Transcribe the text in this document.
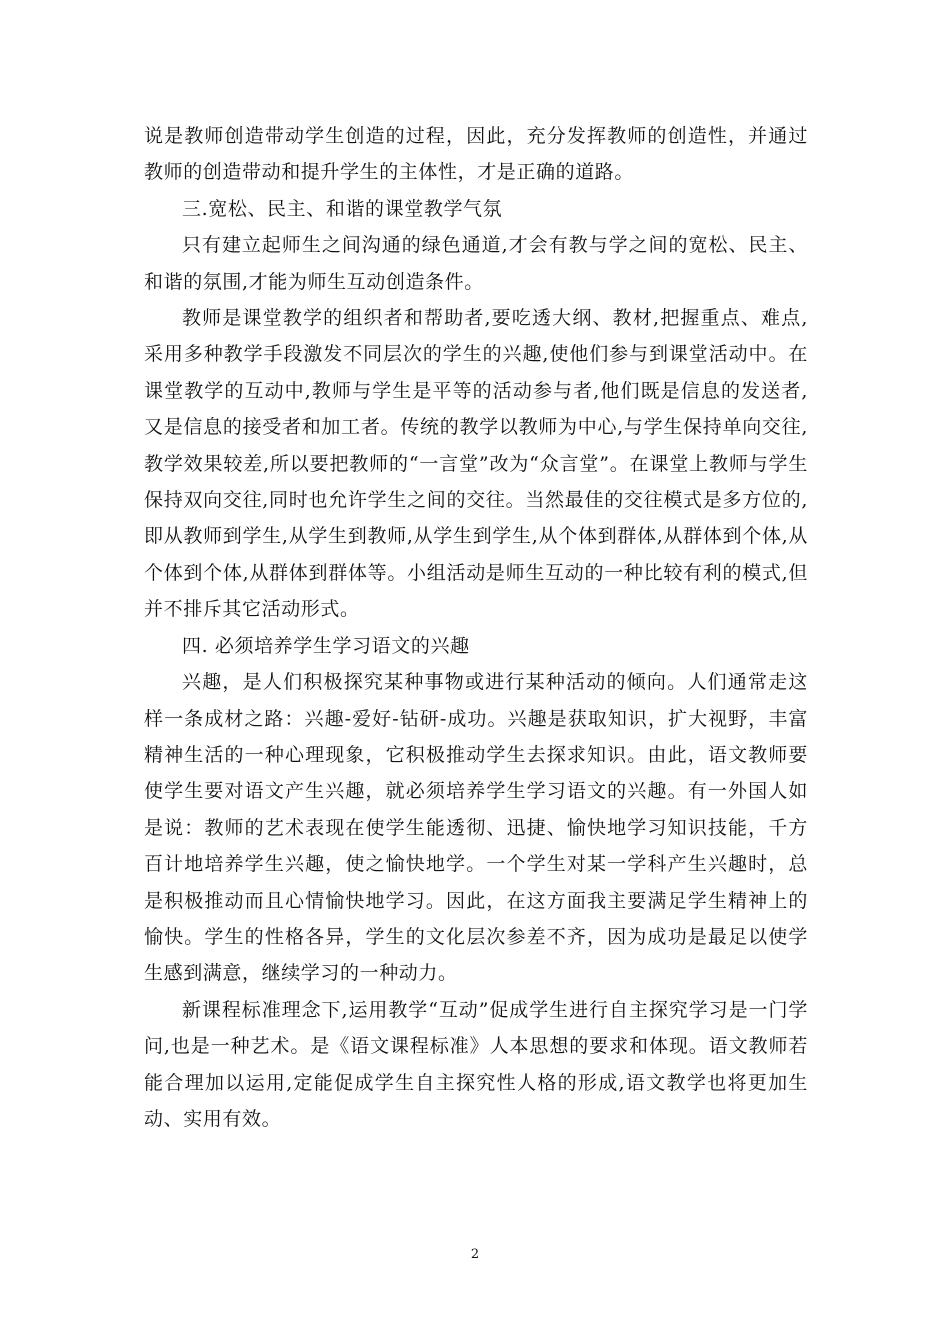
说是教师创造带动学生创造的过程，因此，充分发挥教师的创造性，并通过教师的创造带动和提升学生的主体性，才是正确的道路。

三.宽松、民主、和谐的课堂教学气氛

只有建立起师生之间沟通的绿色通道,才会有教与学之间的宽松、民主、和谐的氛围,才能为师生互动创造条件。

教师是课堂教学的组织者和帮助者,要吃透大纲、教材,把握重点、难点,采用多种教学手段激发不同层次的学生的兴趣,使他们参与到课堂活动中。在课堂教学的互动中,教师与学生是平等的活动参与者,他们既是信息的发送者,又是信息的接受者和加工者。传统的教学以教师为中心,与学生保持单向交往,教学效果较差,所以要把教师的“一言堂”改为“众言堂”。在课堂上教师与学生保持双向交往,同时也允许学生之间的交往。当然最佳的交往模式是多方位的,即从教师到学生,从学生到教师,从学生到学生,从个体到群体,从群体到个体,从个体到个体,从群体到群体等。小组活动是师生互动的一种比较有利的模式,但并不排斥其它活动形式。

四. 必须培养学生学习语文的兴趣

兴趣，是人们积极探究某种事物或进行某种活动的倾向。人们通常走这样一条成材之路：兴趣-爱好-钻研-成功。兴趣是获取知识，扩大视野，丰富精神生活的一种心理现象，它积极推动学生去探求知识。由此，语文教师要使学生要对语文产生兴趣，就必须培养学生学习语文的兴趣。有一外国人如是说：教师的艺术表现在使学生能透彻、迅捷、愉快地学习知识技能，千方百计地培养学生兴趣，使之愉快地学。一个学生对某一学科产生兴趣时，总是积极推动而且心情愉快地学习。因此，在这方面我主要满足学生精神上的愉快。学生的性格各异，学生的文化层次参差不齐，因为成功是最足以使学生感到满意，继续学习的一种动力。

新课程标准理念下,运用教学“互动”促成学生进行自主探究学习是一门学问,也是一种艺术。是《语文课程标准》人本思想的要求和体现。语文教师若能合理加以运用,定能促成学生自主探究性人格的形成,语文教学也将更加生动、实用有效。

2
